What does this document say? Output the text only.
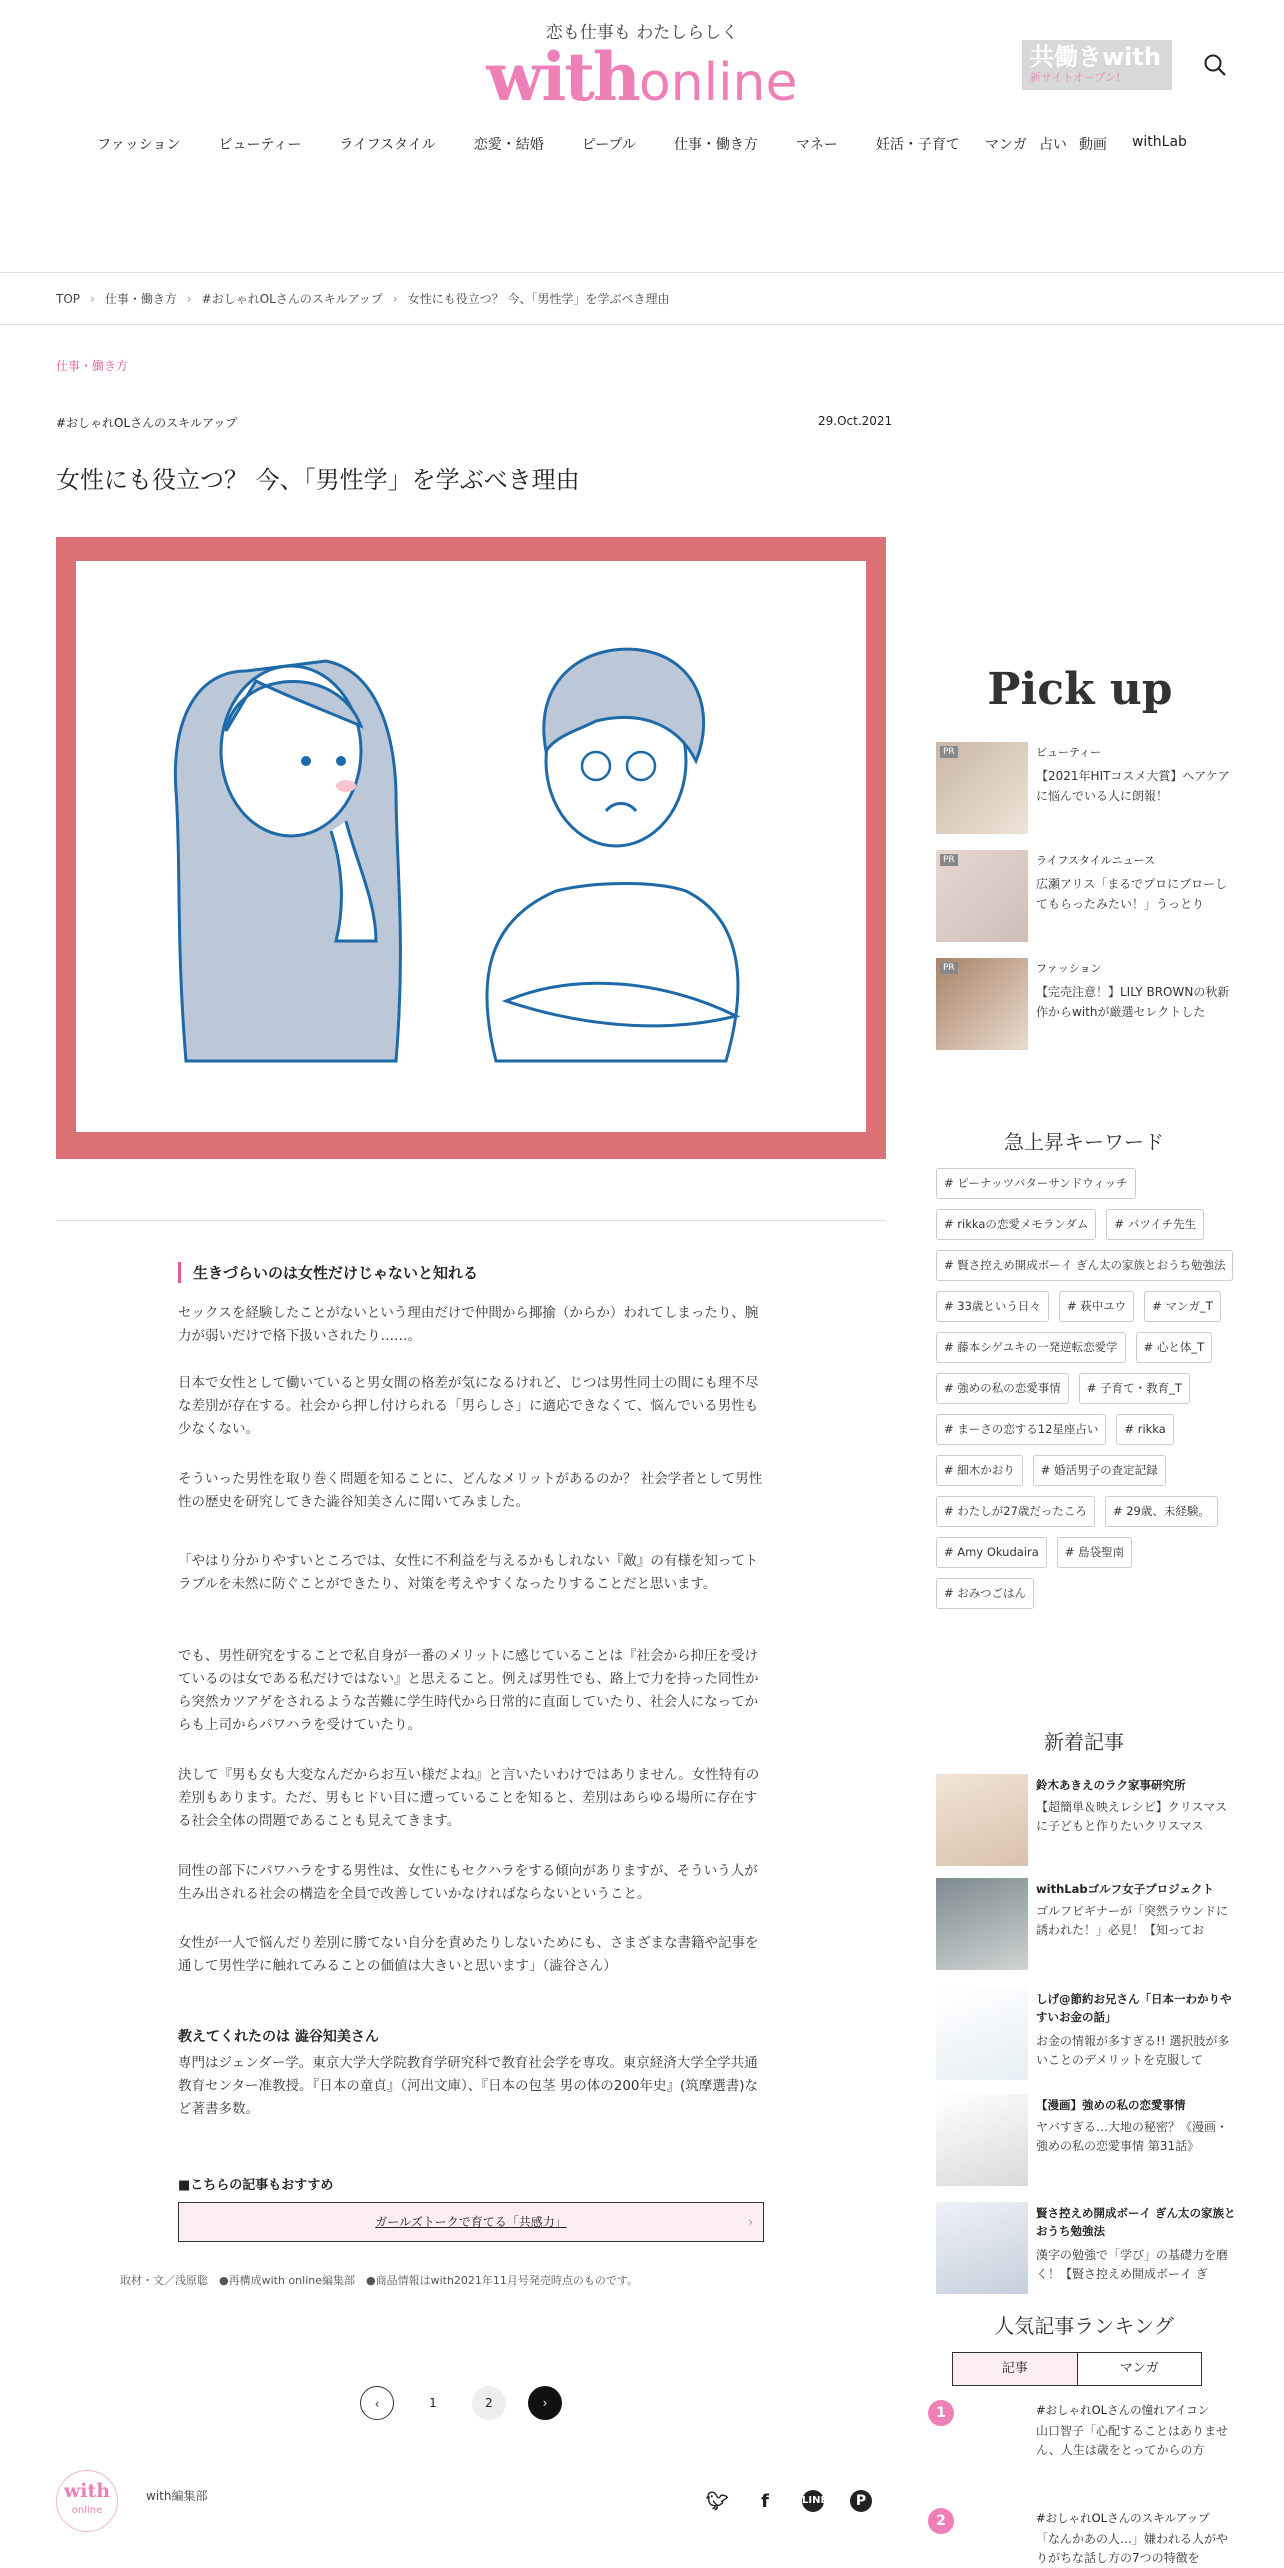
恋も仕事も わたしらしく
withonline	共働きwith
新サイトオープン!
ファッション	ビューティー	ライフスタイル	恋愛・結婚	ピープル	仕事・働き方	マネー	妊活・子育て マンガ 占い 動画 withLab
TOP › 仕事・働き方 › #おしゃれOLさんのスキルアップ › 女性にも役立つ？ 今、「男性学」を学ぶべき理由
仕事・働き方
#おしゃれOLさんのスキルアップ	29.Oct.2021
女性にも役立つ？ 今、「男性学」を学ぶべき理由
生きづらいのは女性だけじゃないと知れる

セックスを経験したことがないという理由だけで仲間から揶揄（からか）われてしまったり、腕力が弱いだけで格下扱いされたり……。

日本で女性として働いていると男女間の格差が気になるけれど、じつは男性同士の間にも理不尽な差別が存在する。社会から押し付けられる「男らしさ」に適応できなくて、悩んでいる男性も少なくない。

そういった男性を取り巻く問題を知ることに、どんなメリットがあるのか？ 社会学者として男性性の歴史を研究してきた澁谷知美さんに聞いてみました。

「やはり分かりやすいところでは、女性に不利益を与えるかもしれない『敵』の有様を知ってトラブルを未然に防ぐことができたり、対策を考えやすくなったりすることだと思います。

でも、男性研究をすることで私自身が一番のメリットに感じていることは『社会から抑圧を受けているのは女である私だけではない』と思えること。例えば男性でも、路上で力を持った同性から突然カツアゲをされるような苦難に学生時代から日常的に直面していたり、社会人になってからも上司からパワハラを受けていたり。

決して『男も女も大変なんだからお互い様だよね』と言いたいわけではありません。女性特有の差別もあります。ただ、男もヒドい目に遭っていることを知ると、差別はあらゆる場所に存在する社会全体の問題であることも見えてきます。

同性の部下にパワハラをする男性は、女性にもセクハラをする傾向がありますが、そういう人が生み出される社会の構造を全員で改善していかなければならないということ。

女性が一人で悩んだり差別に勝てない自分を責めたりしないためにも、さまざまな書籍や記事を通して男性学に触れてみることの価値は大きいと思います」（澁谷さん）

教えてくれたのは 澁谷知美さん

専門はジェンダー学。東京大学大学院教育学研究科で教育社会学を専攻。東京経済大学全学共通教育センター准教授。『日本の童貞』（河出文庫）、『日本の包茎 男の体の200年史』(筑摩選書)など著書多数。

■こちらの記事もおすすめ
ガールズトークで育てる「共感力」	›
取材・文／浅原聡　●再構成with online編集部　●商品情報はwith2021年11月号発売時点のものです。
‹	1	2	›
with
online
with編集部	🐦︎	f	LINE	P
Pick up
PR	ビューティー
【2021年HITコスメ大賞】ヘアケアに悩んでいる人に朗報！
PR	ライフスタイルニュース
広瀬アリス「まるでプロにブローしてもらったみたい！」うっとり
PR	ファッション
【完売注意！】LILY BROWNの秋新作からwithが厳選セレクトした
急上昇キーワード
# ピーナッツバターサンドウィッチ
# rikkaの恋愛メモランダム	# パツイチ先生
# 賢さ控えめ開成ボーイ ぎん太の家族とおうち勉強法
# 33歳という日々	# 萩中ユウ	# マンガ_T
# 藤本シゲユキの一発逆転恋愛学	# 心と体_T
# 強めの私の恋愛事情	# 子育て・教育_T
# まーさの恋する12星座占い	# rikka
# 細木かおり	# 婚活男子の査定記録
# わたしが27歳だったころ	# 29歳、未経験。
# Amy Okudaira	# 島袋聖南
# おみつごはん
新着記事
鈴木あきえのラク家事研究所
【超簡単＆映えレシピ】クリスマスに子どもと作りたいクリスマス
withLabゴルフ女子プロジェクト
ゴルフビギナーが「突然ラウンドに誘われた！」必見！【知ってお
しげ@節約お兄さん「日本一わかりやすいお金の話」
お金の情報が多すぎる!! 選択肢が多いことのデメリットを克服して
【漫画】強めの私の恋愛事情
ヤバすぎる…大地の秘密？《漫画・強めの私の恋愛事情 第31話》
賢さ控えめ開成ボーイ ぎん太の家族とおうち勉強法
漢字の勉強で「学び」の基礎力を磨く！【賢さ控えめ開成ボーイ ぎ
人気記事ランキング
記事	マンガ
1	#おしゃれOLさんの憧れアイコン
山口智子「心配することはありません、人生は歳をとってからの方
2	#おしゃれOLさんのスキルアップ
「なんかあの人…」嫌われる人がやりがちな話し方の7つの特徴を
